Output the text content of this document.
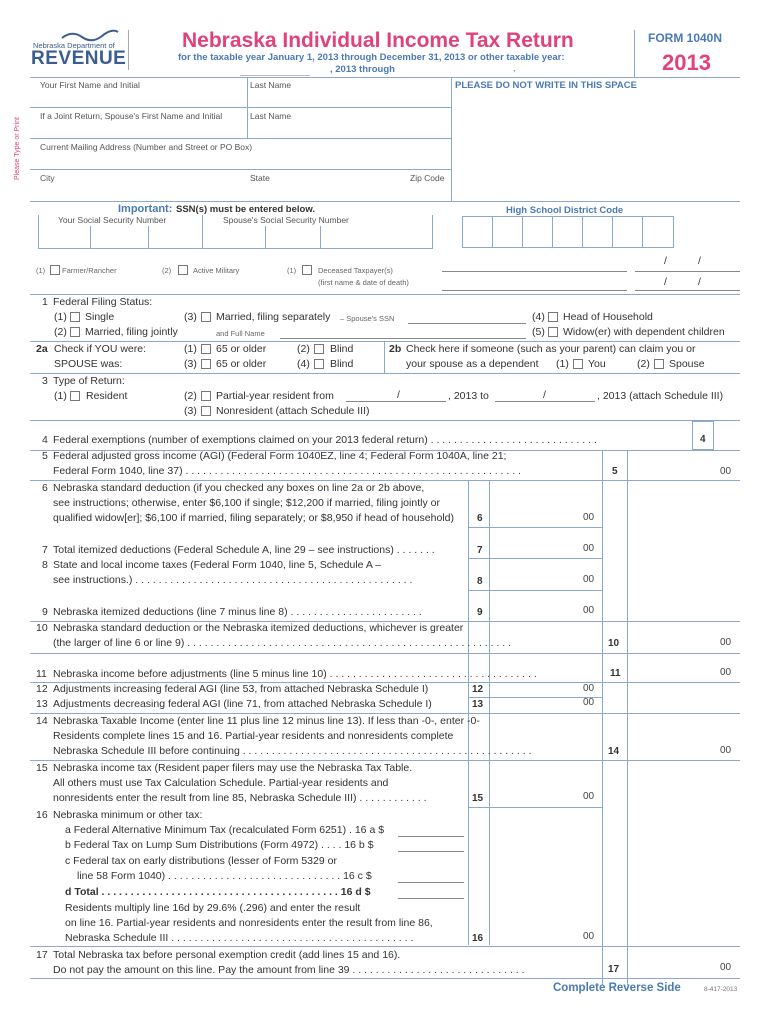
Nebraska Department of
REVENUE
Nebraska Individual Income Tax Return
for the taxable year January 1, 2013 through December 31, 2013 or other taxable year:
, 2013 through	,
FORM 1040N
2013
Please Type or Print
Your First Name and Initial	Last Name	PLEASE DO NOT WRITE IN THIS SPACE
If a Joint Return, Spouse's First Name and Initial	Last Name
Current Mailing Address (Number and Street or PO Box)
City	State	Zip Code
Important: SSN(s) must be entered below.
Your Social Security Number	Spouse's Social Security Number
High School District Code
(1) Farmer/Rancher	(2)	Active Military	(1)	Deceased Taxpayer(s)
(first name & date of death)
/	/
/	/
1 Federal Filing Status:
(1) Single
(2) Married, filing jointly
(3) Married, filing separately – Spouse's SSN
and Full Name
(4) Head of Household
(5) Widow(er) with dependent children
2a Check if YOU were:
SPOUSE was:
(1) 65 or older	(2) Blind
(3) 65 or older	(4) Blind
2b Check here if someone (such as your parent) can claim you or
your spouse as a dependent (1) You	(2) Spouse
3 Type of Return:
(1) Resident	(2) Partial-year resident from	/	, 2013 to	/	, 2013 (attach Schedule III)
(3) Nonresident (attach Schedule III)
4 Federal exemptions (number of exemptions claimed on your 2013 federal return) . . . . . . . . . . . . . . . . . . . . . . . . . . . . .	4
5 Federal adjusted gross income (AGI) (Federal Form 1040EZ, line 4; Federal Form 1040A, line 21;
Federal Form 1040, line 37) . . . . . . . . . . . . . . . . . . . . . . . . . . . . . . . . . . . . . . . . . . . . . . . . . . . . . . . . . .	5	00
6 Nebraska standard deduction (if you checked any boxes on line 2a or 2b above,
see instructions; otherwise, enter $6,100 if single; $12,200 if married, filing jointly or
qualified widow[er]; $6,100 if married, filing separately; or $8,950 if head of household) 6	00
7 Total itemized deductions (Federal Schedule A, line 29 – see instructions) . . . . . . .	7	00
8 State and local income taxes (Federal Form 1040, line 5, Schedule A –
see instructions.) . . . . . . . . . . . . . . . . . . . . . . . . . . . . . . . . . . . . . . . . . . . . . . . .	8	00
9 Nebraska itemized deductions (line 7 minus line 8) . . . . . . . . . . . . . . . . . . . . . . .	9	00
10 Nebraska standard deduction or the Nebraska itemized deductions, whichever is greater
(the larger of line 6 or line 9) . . . . . . . . . . . . . . . . . . . . . . . . . . . . . . . . . . . . . . . . . . . . . . . . . . . . . . . .	10	00
11 Nebraska income before adjustments (line 5 minus line 10) . . . . . . . . . . . . . . . . . . . . . . . . . . . . . . . . . . . .	11	00
12 Adjustments increasing federal AGI (line 53, from attached Nebraska Schedule I)	12	00
13 Adjustments decreasing federal AGI (line 71, from attached Nebraska Schedule I)	13	00
14 Nebraska Taxable Income (enter line 11 plus line 12 minus line 13). If less than -0-, enter -0-
Residents complete lines 15 and 16. Partial-year residents and nonresidents complete
Nebraska Schedule III before continuing . . . . . . . . . . . . . . . . . . . . . . . . . . . . . . . . . . . . . . . . . . . . . . . . . .	14	00
15 Nebraska income tax (Resident paper filers may use the Nebraska Tax Table.
All others must use Tax Calculation Schedule. Partial-year residents and
nonresidents enter the result from line 85, Nebraska Schedule III) . . . . . . . . . . . .	15	00
16 Nebraska minimum or other tax:
a Federal Alternative Minimum Tax (recalculated Form 6251) . 16 a $
b Federal Tax on Lump Sum Distributions (Form 4972) . . . . 16 b $
c Federal tax on early distributions (lesser of Form 5329 or
line 58 Form 1040) . . . . . . . . . . . . . . . . . . . . . . . . . . . . . . 16 c $
d Total . . . . . . . . . . . . . . . . . . . . . . . . . . . . . . . . . . . . . . . . . 16 d $
Residents multiply line 16d by 29.6% (.296) and enter the result
on line 16. Partial-year residents and nonresidents enter the result from line 86,
Nebraska Schedule III . . . . . . . . . . . . . . . . . . . . . . . . . . . . . . . . . . . . . . . . . .	16	00
17 Total Nebraska tax before personal exemption credit (add lines 15 and 16).
Do not pay the amount on this line. Pay the amount from line 39 . . . . . . . . . . . . . . . . . . . . . . . . . . . . . .	17	00
Complete Reverse Side	8-417-2013
